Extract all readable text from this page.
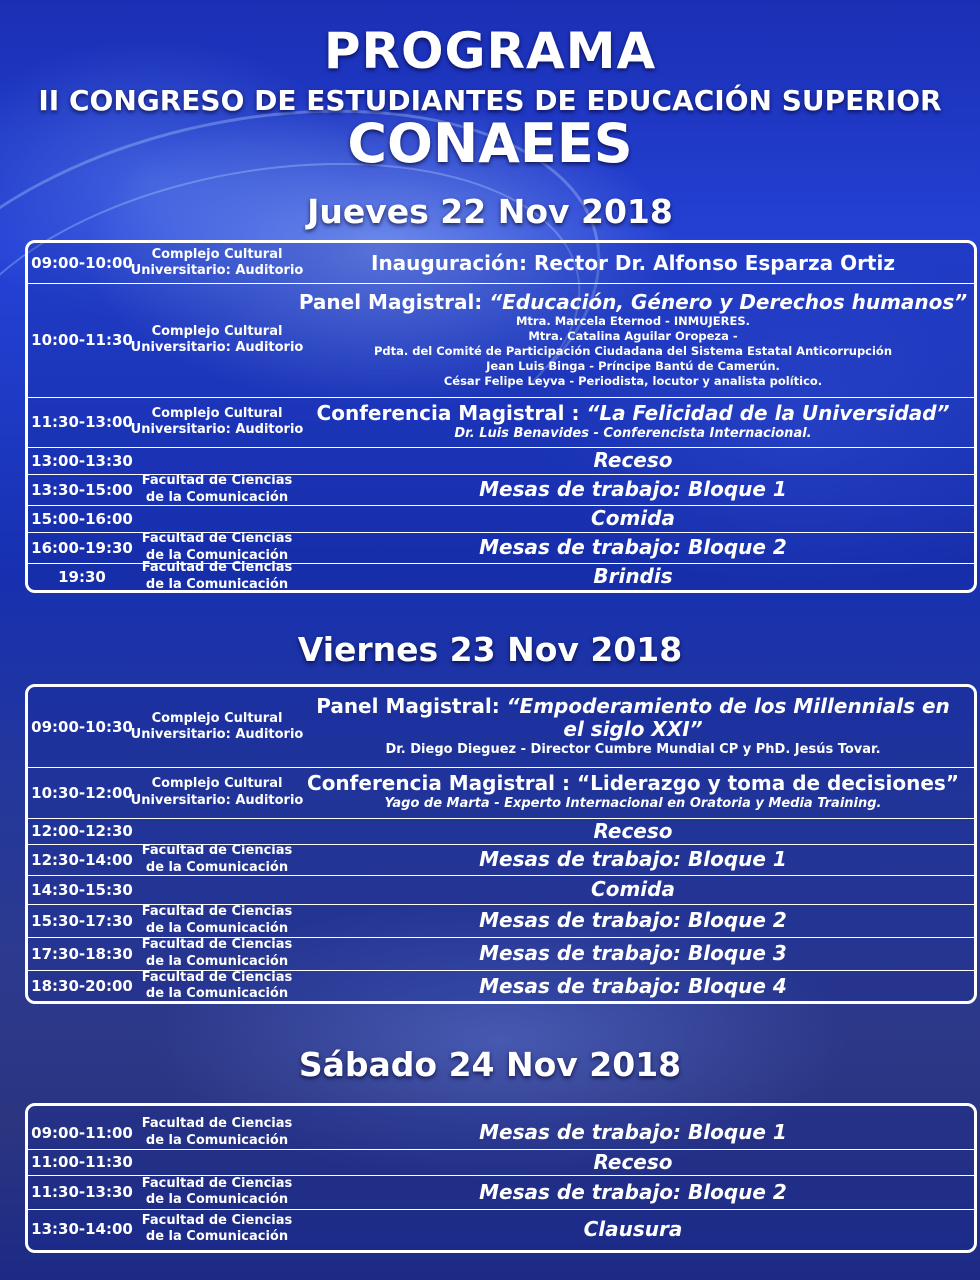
PROGRAMA
II CONGRESO DE ESTUDIANTES DE EDUCACIÓN SUPERIOR
CONAEES
Jueves 22 Nov 2018
09:00-10:00 Complejo Cultural
Universitario: Auditorio	Inauguración: Rector Dr. Alfonso Esparza Ortiz
10:00-11:30 Complejo Cultural
Universitario: Auditorio
Panel Magistral: “Educación, Género y Derechos humanos”
Mtra. Marcela Eternod - INMUJERES.
Mtra. Catalina Aguilar Oropeza -
Pdta. del Comité de Participación Ciudadana del Sistema Estatal Anticorrupción
Jean Luis Binga - Príncipe Bantú de Camerún.
César Felipe Leyva - Periodista, locutor y analista político.
11:30-13:00 Complejo Cultural
Universitario: Auditorio
Conferencia Magistral : “La Felicidad de la Universidad”
Dr. Luis Benavides - Conferencista Internacional.
13:00-13:30	Receso
13:30-15:00 Facultad de Ciencias
de la Comunicación	Mesas de trabajo: Bloque 1
15:00-16:00	Comida
16:00-19:30 Facultad de Ciencias
de la Comunicación	Mesas de trabajo: Bloque 2
19:30	Facultad de Ciencias
de la Comunicación	Brindis
Viernes 23 Nov 2018
09:00-10:30 Complejo Cultural
Universitario: Auditorio
Panel Magistral: “Empoderamiento de los Millennials en
el siglo XXI”
Dr. Diego Dieguez - Director Cumbre Mundial CP y PhD. Jesús Tovar.
10:30-12:00 Complejo Cultural
Universitario: Auditorio
Conferencia Magistral : “Liderazgo y toma de decisiones”
Yago de Marta - Experto Internacional en Oratoria y Media Training.
12:00-12:30	Receso
12:30-14:00 Facultad de Ciencias
de la Comunicación	Mesas de trabajo: Bloque 1
14:30-15:30	Comida
15:30-17:30 Facultad de Ciencias
de la Comunicación	Mesas de trabajo: Bloque 2
17:30-18:30 Facultad de Ciencias
de la Comunicación	Mesas de trabajo: Bloque 3
18:30-20:00 Facultad de Ciencias
de la Comunicación	Mesas de trabajo: Bloque 4
Sábado 24 Nov 2018
09:00-11:00 Facultad de Ciencias
de la Comunicación	Mesas de trabajo: Bloque 1
11:00-11:30	Receso
11:30-13:30 Facultad de Ciencias
de la Comunicación	Mesas de trabajo: Bloque 2
13:30-14:00 Facultad de Ciencias
de la Comunicación	Clausura
